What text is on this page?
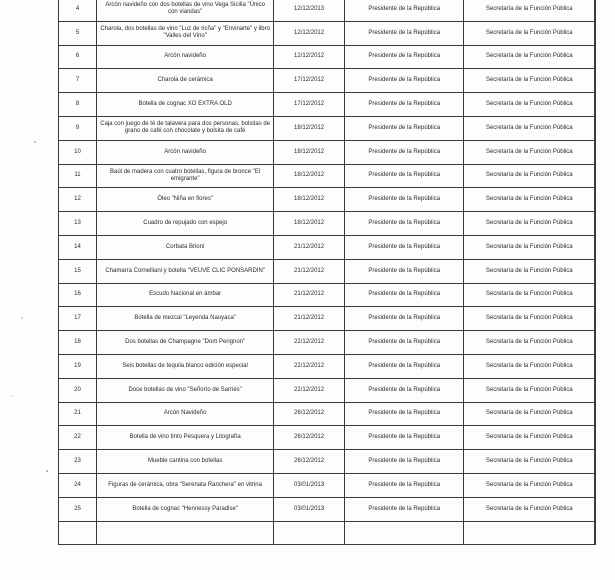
4	Arcón navideño con dos botellas de vino Vega Sicilia "Único con viandas"	12/12/2013	Presidente de la República	Secretaría de la Función Pública
5	Charola, dos botellas de vino "Luz de ricña" y "Envinarte" y libro "Valles del Vino"	12/12/2012	Presidente de la República	Secretaría de la Función Pública
6	Arcón navideño	12/12/2012	Presidente de la República	Secretaría de la Función Pública
7	Charola de cerámica	17/12/2012	Presidente de la República	Secretaría de la Función Pública
8	Botella de cognac XO EXTRA OLD	17/12/2012	Presidente de la República	Secretaría de la Función Pública
9	Caja con juego de té de talavera para dos personas, bolsitas de grano de café con chocolate y bolsita de café	18/12/2012	Presidente de la República	Secretaría de la Función Pública
10	Arcón navideño	18/12/2012	Presidente de la República	Secretaría de la Función Pública
11	Baúl de madera con cuatro botellas, figura de bronce "El emigrante"	18/12/2012	Presidente de la República	Secretaría de la Función Pública
12	Óleo "Niña en flores"	18/12/2012	Presidente de la República	Secretaría de la Función Pública
13	Cuadro de repujado con espejo	18/12/2012	Presidente de la República	Secretaría de la Función Pública
14	Corbata Brioni	21/12/2012	Presidente de la República	Secretaría de la Función Pública
15	Chamarra Cornelliani y botella "VEUVE CLIC PONSARDIN"	21/12/2012	Presidente de la República	Secretaría de la Función Pública
16	Escudo Nacional en ámbar	21/12/2012	Presidente de la República	Secretaría de la Función Pública
17	Botella de mezcal "Leyenda Nauyaca"	21/12/2012	Presidente de la República	Secretaría de la Función Pública
18	Dos botellas de Champagne "Dom Perignon"	22/12/2012	Presidente de la República	Secretaría de la Función Pública
19	Seis botellas de tequila blanco edición especial	22/12/2012	Presidente de la República	Secretaría de la Función Pública
20	Doce botellas de vino "Señorío de Sarriés"	22/12/2012	Presidente de la República	Secretaría de la Función Pública
21	Arcón Navideño	26/12/2012	Presidente de la República	Secretaría de la Función Pública
22	Botella de vino tinto Pesquera y Litografía	26/12/2012	Presidente de la República	Secretaría de la Función Pública
23	Mueble cantina con botellas	26/12/2012	Presidente de la República	Secretaría de la Función Pública
24	Figuras de cerámica, obra "Serenata Ranchera" en vitrina	03/01/2013	Presidente de la República	Secretaría de la Función Pública
25	Botella de cognac "Hennessy Paradise"	03/01/2013	Presidente de la República	Secretaría de la Función Pública
